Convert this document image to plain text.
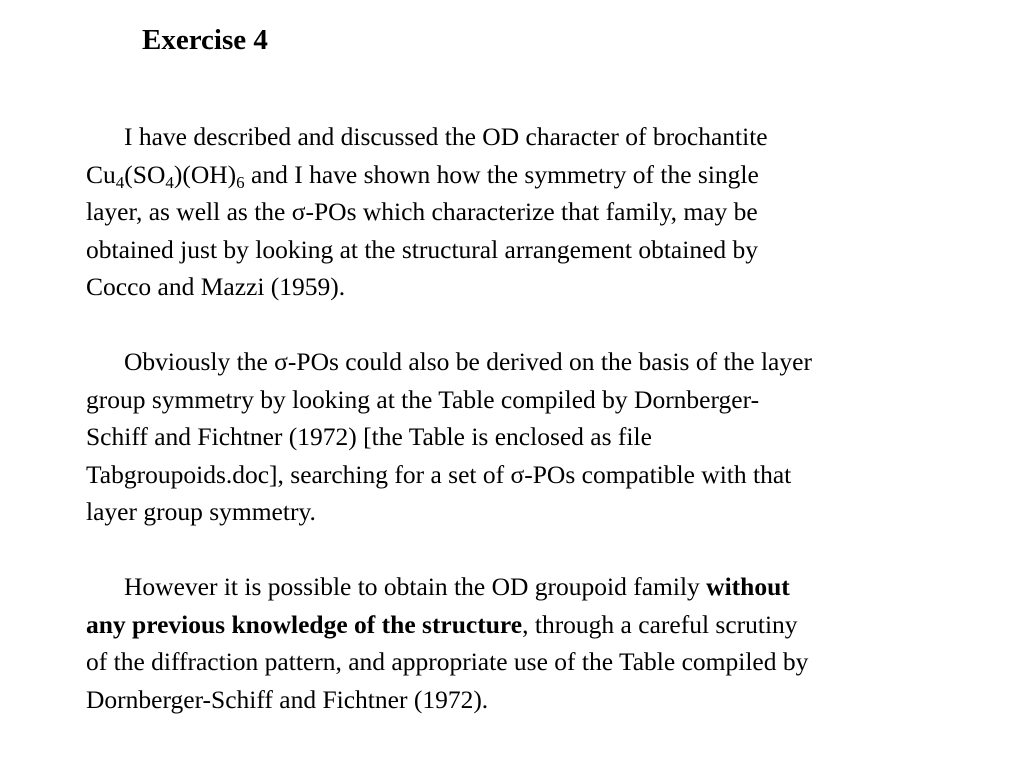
Exercise 4

I have described and discussed the OD character of brochantite
$Cu_4(SO_4)(OH)_6$ and I have shown how the symmetry of the single
layer, as well as the σ-POs which characterize that family, may be
obtained just by looking at the structural arrangement obtained by
Cocco and Mazzi (1959).

Obviously the σ-POs could also be derived on the basis of the layer
group symmetry by looking at the Table compiled by Dornberger-
Schiff and Fichtner (1972) [the Table is enclosed as file
Tabgroupoids.doc], searching for a set of σ-POs compatible with that
layer group symmetry.

However it is possible to obtain the OD groupoid family without
any previous knowledge of the structure, through a careful scrutiny
of the diffraction pattern, and appropriate use of the Table compiled by
Dornberger-Schiff and Fichtner (1972).
